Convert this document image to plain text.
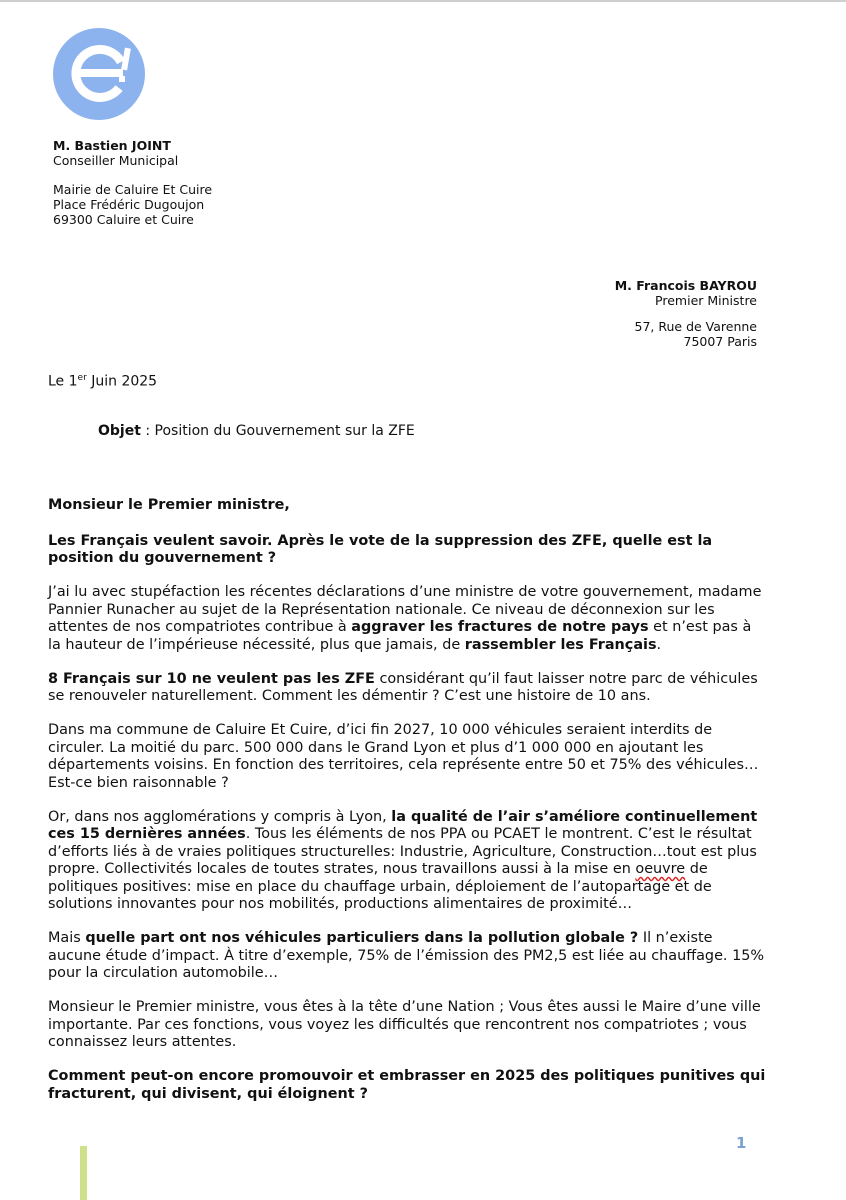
M. Bastien JOINT
Conseiller Municipal
Mairie de Caluire Et Cuire
Place Frédéric Dugoujon
69300 Caluire et Cuire
M. Francois BAYROU
Premier Ministre
57, Rue de Varenne
75007 Paris
Le 1er Juin 2025
Objet : Position du Gouvernement sur la ZFE

Monsieur le Premier ministre,

Les Français veulent savoir. Après le vote de la suppression des ZFE, quelle est la position du gouvernement ?

J’ai lu avec stupéfaction les récentes déclarations d’une ministre de votre gouvernement, madame Pannier Runacher au sujet de la Représentation nationale. Ce niveau de déconnexion sur les attentes de nos compatriotes contribue à aggraver les fractures de notre pays et n’est pas à la hauteur de l’impérieuse nécessité, plus que jamais, de rassembler les Français.

8 Français sur 10 ne veulent pas les ZFE considérant qu’il faut laisser notre parc de véhicules se renouveler naturellement. Comment les démentir ? C’est une histoire de 10 ans.

Dans ma commune de Caluire Et Cuire, d’ici fin 2027, 10 000 véhicules seraient interdits de circuler. La moitié du parc. 500 000 dans le Grand Lyon et plus d’1 000 000 en ajoutant les départements voisins. En fonction des territoires, cela représente entre 50 et 75% des véhicules… Est-ce bien raisonnable ?

Or, dans nos agglomérations y compris à Lyon, la qualité de l’air s’améliore continuellement ces 15 dernières années. Tous les éléments de nos PPA ou PCAET le montrent. C’est le résultat d’efforts liés à de vraies politiques structurelles: Industrie, Agriculture, Construction…tout est plus propre. Collectivités locales de toutes strates, nous travaillons aussi à la mise en oeuvre de politiques positives: mise en place du chauffage urbain, déploiement de l’autopartage et de solutions innovantes pour nos mobilités, productions alimentaires de proximité…

Mais quelle part ont nos véhicules particuliers dans la pollution globale ? Il n’existe aucune étude d’impact. À titre d’exemple, 75% de l’émission des PM2,5 est liée au chauffage. 15% pour la circulation automobile…

Monsieur le Premier ministre, vous êtes à la tête d’une Nation ; Vous êtes aussi le Maire d’une ville importante. Par ces fonctions, vous voyez les difficultés que rencontrent nos compatriotes ; vous connaissez leurs attentes.

Comment peut-on encore promouvoir et embrasser en 2025 des politiques punitives qui fracturent, qui divisent, qui éloignent ?

1
